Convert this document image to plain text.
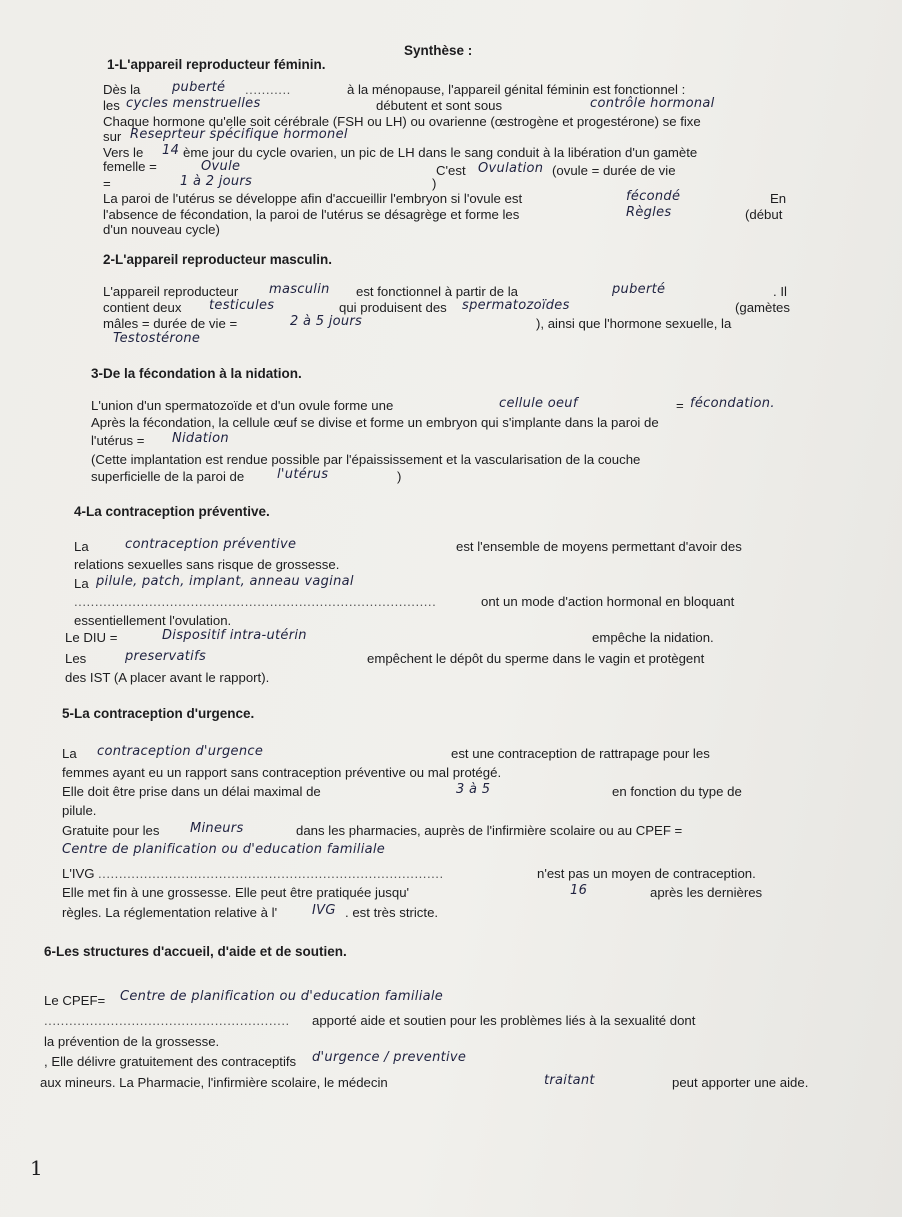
Synthèse :
1-L'appareil reproducteur féminin.
Dès la puberté ...........	à la ménopause, l'appareil génital féminin est fonctionnel :
les cycles menstruelles	débutent et sont sous	contrôle hormonal
Chaque hormone qu'elle soit cérébrale (FSH ou LH) ou ovarienne (œstrogène et progestérone) se fixe
sur Reseprteur spécifique hormonel
Vers le 14 ème jour du cycle ovarien, un pic de LH dans le sang conduit à la libération d'un gamète
femelle =	Ovule	C'est Ovulation (ovule = durée de vie
=	1 à 2 jours	)
La paroi de l'utérus se développe afin d'accueillir l'embryon si l'ovule est	fécondé	En
l'absence de fécondation, la paroi de l'utérus se désagrège et forme les	Règles	(début
d'un nouveau cycle)
2-L'appareil reproducteur masculin.
L'appareil reproducteur masculin est fonctionnel à partir de la	puberté	. Il
contient deux testicules	qui produisent des spermatozoïdes	(gamètes
mâles = durée de vie =	2 à 5 jours	), ainsi que l'hormone sexuelle, la
Testostérone
3-De la fécondation à la nidation.
L'union d'un spermatozoïde et d'un ovule forme une	cellule oeuf	= fécondation.
Après la fécondation, la cellule œuf se divise et forme un embryon qui s'implante dans la paroi de
l'utérus = Nidation
(Cette implantation est rendue possible par l'épaississement et la vascularisation de la couche
superficielle de la paroi de	l'utérus	)
4-La contraception préventive.
La	contraception préventive	est l'ensemble de moyens permettant d'avoir des
relations sexuelles sans risque de grossesse.
La pilule, patch, implant, anneau vaginal
.......................................................................................	ont un mode d'action hormonal en bloquant
essentiellement l'ovulation.
Le DIU =	Dispositif intra-utérin	empêche la nidation.
Les	preservatifs	empêchent le dépôt du sperme dans le vagin et protègent
des IST (A placer avant le rapport).
5-La contraception d'urgence.
La contraception d'urgence	est une contraception de rattrapage pour les
femmes ayant eu un rapport sans contraception préventive ou mal protégé.
Elle doit être prise dans un délai maximal de	3 à 5	en fonction du type de
pilule.
Gratuite pour les Mineurs	dans les pharmacies, auprès de l'infirmière scolaire ou au CPEF =
Centre de planification ou d'education familiale
L'IVG ...................................................................................	n'est pas un moyen de contraception.
Elle met fin à une grossesse. Elle peut être pratiquée jusqu'	16	après les dernières
règles. La réglementation relative à l'	IVG . est très stricte.
6-Les structures d'accueil, d'aide et de soutien.
Le CPEF= Centre de planification ou d'education familiale
........................................................... apporté aide et soutien pour les problèmes liés à la sexualité dont
la prévention de la grossesse.
, Elle délivre gratuitement des contraceptifs d'urgence / preventive
aux mineurs. La Pharmacie, l'infirmière scolaire, le médecin	traitant	peut apporter une aide.
1
